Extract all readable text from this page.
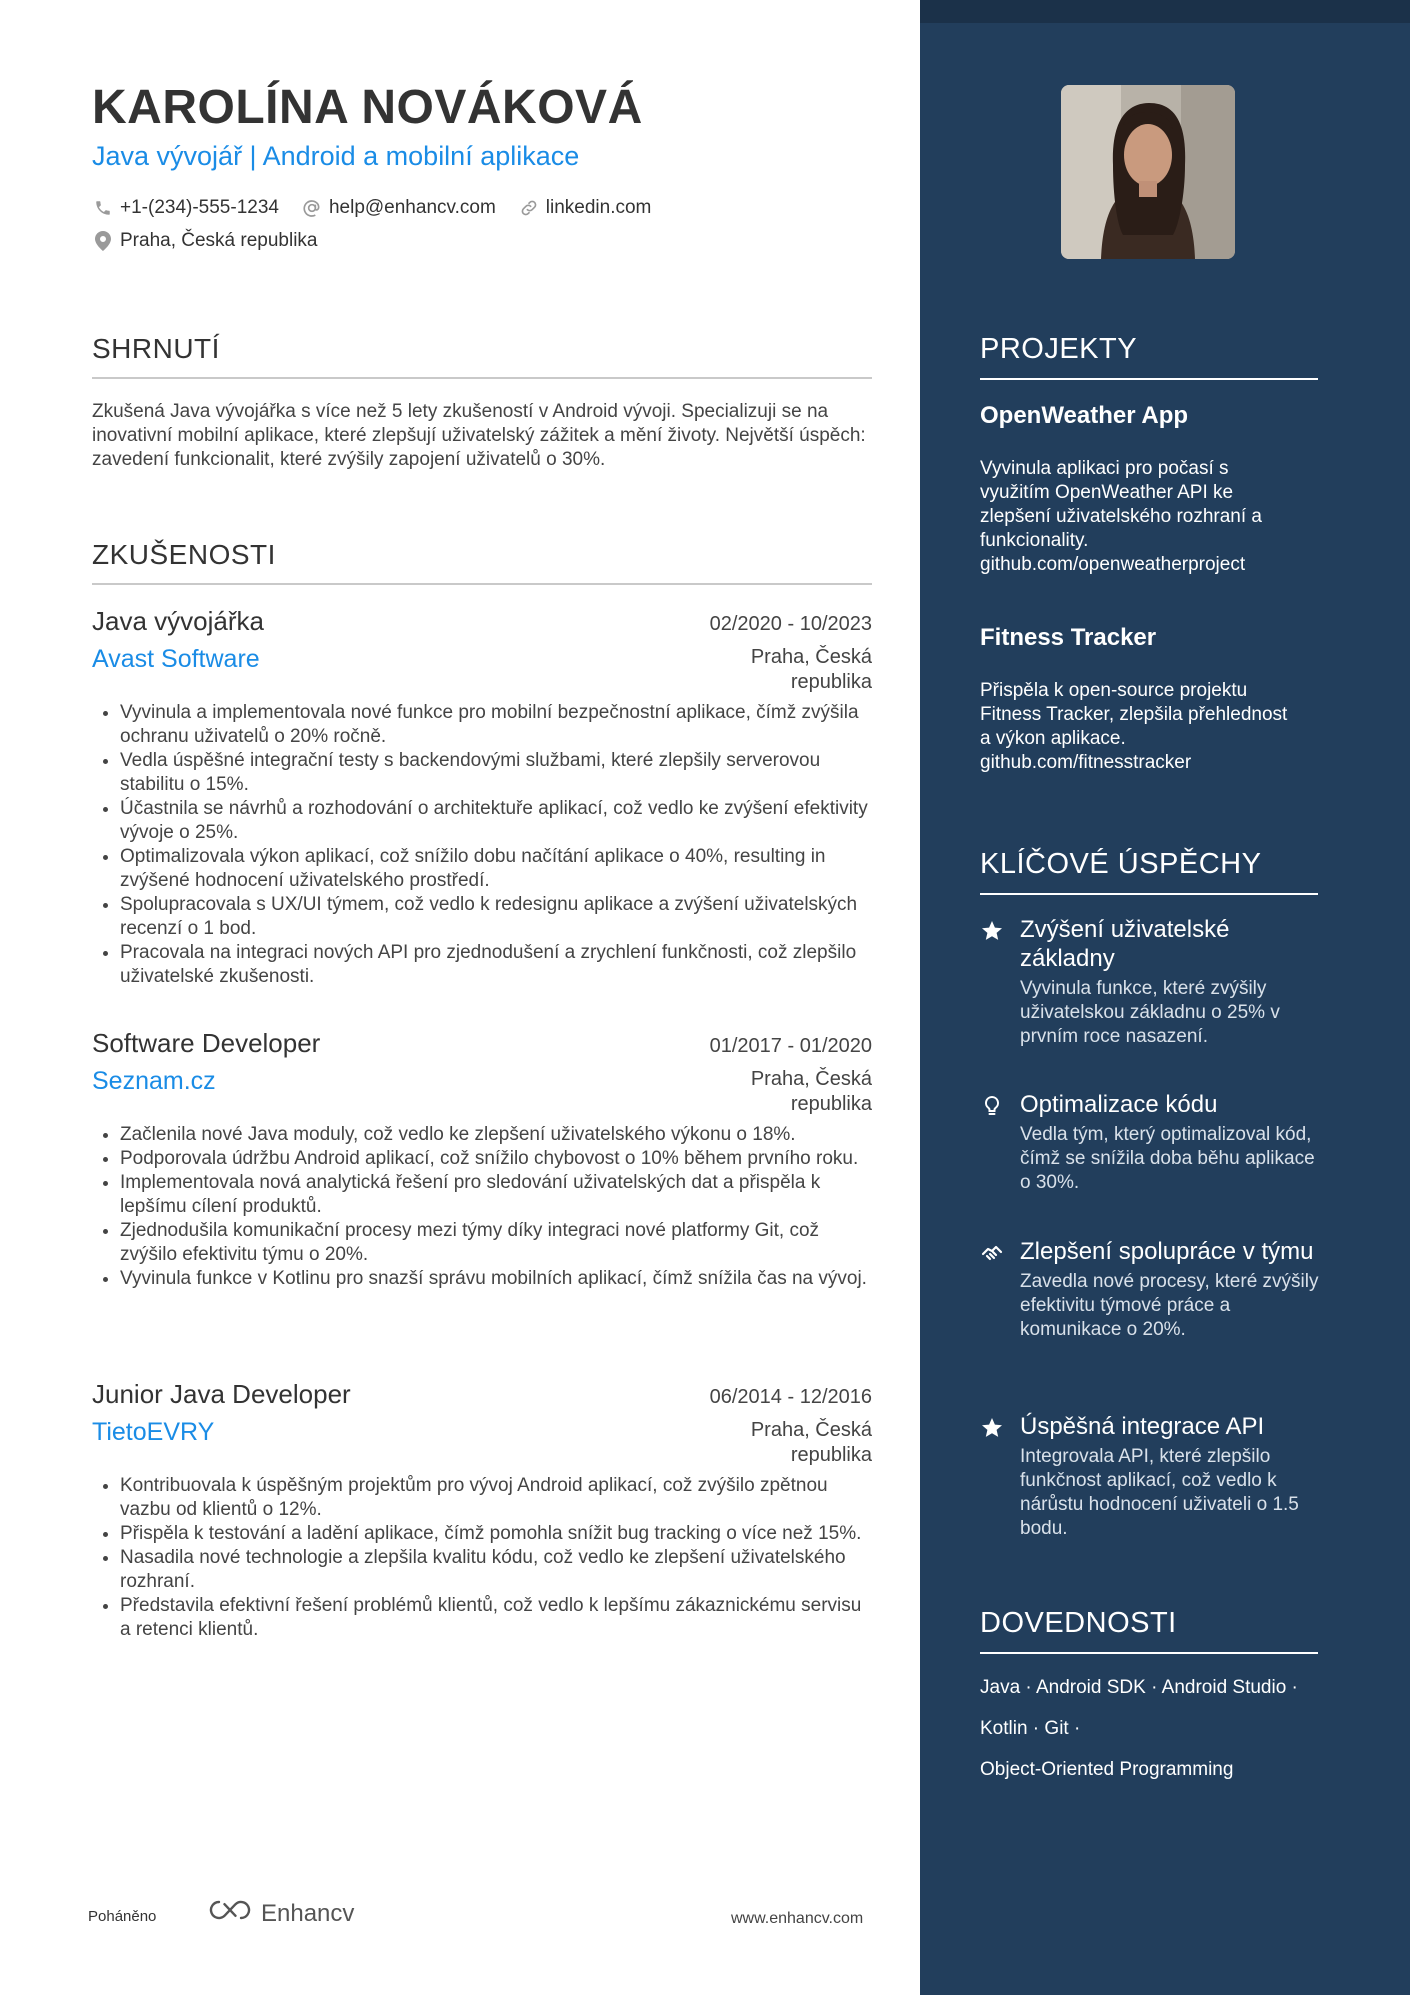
KAROLÍNA NOVÁKOVÁ
Java vývojář | Android a mobilní aplikace
+1-(234)-555-1234	help@enhancv.com	linkedin.com
Praha, Česká republika
SHRNUTÍ
Zkušená Java vývojářka s více než 5 lety zkušeností v Android vývoji. Specializuji se na inovativní mobilní aplikace, které zlepšují uživatelský zážitek a mění životy. Největší úspěch: zavedení funkcionalit, které zvýšily zapojení uživatelů o 30%.
ZKUŠENOSTI
Java vývojářka	02/2020 - 10/2023
Avast Software	Praha, Česká republika
• Vyvinula a implementovala nové funkce pro mobilní bezpečnostní aplikace, čímž zvýšila ochranu uživatelů o 20% ročně.
• Vedla úspěšné integrační testy s backendovými službami, které zlepšily serverovou stabilitu o 15%.
• Účastnila se návrhů a rozhodování o architektuře aplikací, což vedlo ke zvýšení efektivity vývoje o 25%.
• Optimalizovala výkon aplikací, což snížilo dobu načítání aplikace o 40%, resulting in zvýšené hodnocení uživatelského prostředí.
• Spolupracovala s UX/UI týmem, což vedlo k redesignu aplikace a zvýšení uživatelských recenzí o 1 bod.
• Pracovala na integraci nových API pro zjednodušení a zrychlení funkčnosti, což zlepšilo uživatelské zkušenosti.
Software Developer	01/2017 - 01/2020
Seznam.cz	Praha, Česká republika
• Začlenila nové Java moduly, což vedlo ke zlepšení uživatelského výkonu o 18%.
• Podporovala údržbu Android aplikací, což snížilo chybovost o 10% během prvního roku.
• Implementovala nová analytická řešení pro sledování uživatelských dat a přispěla k lepšímu cílení produktů.
• Zjednodušila komunikační procesy mezi týmy díky integraci nové platformy Git, což zvýšilo efektivitu týmu o 20%.
• Vyvinula funkce v Kotlinu pro snazší správu mobilních aplikací, čímž snížila čas na vývoj.
Junior Java Developer	06/2014 - 12/2016
TietoEVRY	Praha, Česká republika
• Kontribuovala k úspěšným projektům pro vývoj Android aplikací, což zvýšilo zpětnou vazbu od klientů o 12%.
• Přispěla k testování a ladění aplikace, čímž pomohla snížit bug tracking o více než 15%.
• Nasadila nové technologie a zlepšila kvalitu kódu, což vedlo ke zlepšení uživatelského rozhraní.
• Představila efektivní řešení problémů klientů, což vedlo k lepšímu zákaznickému servisu a retenci klientů.
Poháněno	Enhancv	www.enhancv.com
PROJEKTY
OpenWeather App
Vyvinula aplikaci pro počasí s využitím OpenWeather API ke zlepšení uživatelského rozhraní a funkcionality. github.com/openweatherproject
Fitness Tracker
Přispěla k open-source projektu Fitness Tracker, zlepšila přehlednost a výkon aplikace. github.com/fitnesstracker
KLÍČOVÉ ÚSPĚCHY
Zvýšení uživatelské základny
Vyvinula funkce, které zvýšily uživatelskou základnu o 25% v prvním roce nasazení.
Optimalizace kódu
Vedla tým, který optimalizoval kód, čímž se snížila doba běhu aplikace o 30%.
Zlepšení spolupráce v týmu
Zavedla nové procesy, které zvýšily efektivitu týmové práce a komunikace o 20%.
Úspěšná integrace API
Integrovala API, které zlepšilo funkčnost aplikací, což vedlo k nárůstu hodnocení uživateli o 1.5 bodu.
DOVEDNOSTI
Java · Android SDK · Android Studio ·
Kotlin · Git ·
Object-Oriented Programming
